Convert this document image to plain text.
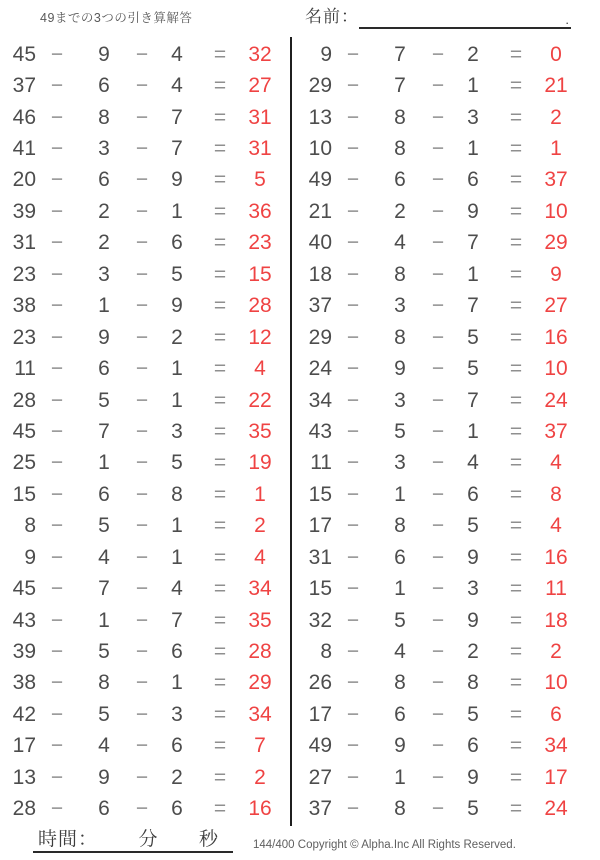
49までの3つの引き算解答	名前：	.
45 −	9	−	4	=	32
37 −	6	−	4	=	27
46 −	8	−	7	=	31
41 −	3	−	7	=	31
20 −	6	−	9	=	5
39 −	2	−	1	=	36
31 −	2	−	6	=	23
23 −	3	−	5	=	15
38 −	1	−	9	=	28
23 −	9	−	2	=	12
11 −	6	−	1	=	4
28 −	5	−	1	=	22
45 −	7	−	3	=	35
25 −	1	−	5	=	19
15 −	6	−	8	=	1
8 −	5	−	1	=	2
9 −	4	−	1	=	4
45 −	7	−	4	=	34
43 −	1	−	7	=	35
39 −	5	−	6	=	28
38 −	8	−	1	=	29
42 −	5	−	3	=	34
17 −	4	−	6	=	7
13 −	9	−	2	=	2
28 −	6	−	6	=	16
9 −	7	−	2	=	0
29 −	7	−	1	=	21
13 −	8	−	3	=	2
10 −	8	−	1	=	1
49 −	6	−	6	=	37
21 −	2	−	9	=	10
40 −	4	−	7	=	29
18 −	8	−	1	=	9
37 −	3	−	7	=	27
29 −	8	−	5	=	16
24 −	9	−	5	=	10
34 −	3	−	7	=	24
43 −	5	−	1	=	37
11 −	3	−	4	=	4
15 −	1	−	6	=	8
17 −	8	−	5	=	4
31 −	6	−	9	=	16
15 −	1	−	3	=	11
32 −	5	−	9	=	18
8 −	4	−	2	=	2
26 −	8	−	8	=	10
17 −	6	−	5	=	6
49 −	9	−	6	=	34
27 −	1	−	9	=	17
37 −	8	−	5	=	24
時間： 分 秒	144/400 Copyright © Alpha.Inc All Rights Reserved.
